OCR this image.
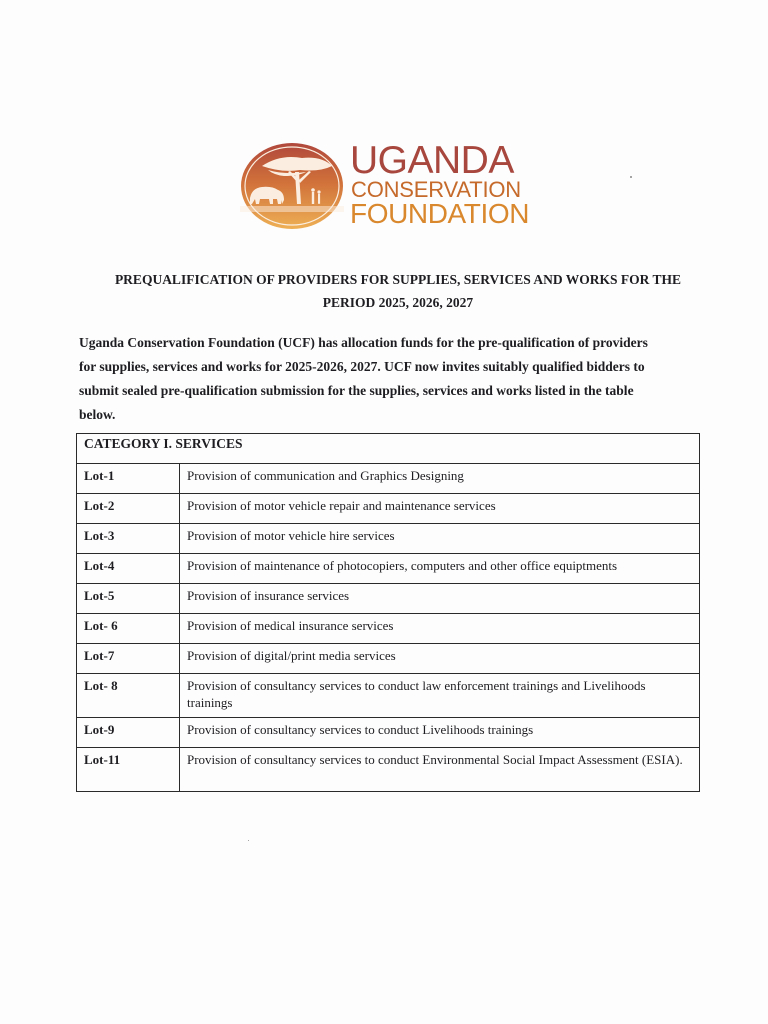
UGANDA
CONSERVATION
FOUNDATION
PREQUALIFICATION OF PROVIDERS FOR SUPPLIES, SERVICES AND WORKS FOR THE
PERIOD 2025, 2026, 2027

Uganda Conservation Foundation (UCF) has allocation funds for the pre-qualification of providers

for supplies, services and works for 2025-2026, 2027. UCF now invites suitably qualified bidders to

submit sealed pre-qualification submission for the supplies, services and works listed in the table

below.

CATEGORY I. SERVICES	
Lot-1	Provision of communication and Graphics Designing
Lot-2	Provision of motor vehicle repair and maintenance services
Lot-3	Provision of motor vehicle hire services
Lot-4	Provision of maintenance of photocopiers, computers and other office equiptments
Lot-5	Provision of insurance services
Lot- 6	Provision of medical insurance services
Lot-7	Provision of digital/print media services
Lot- 8	Provision of consultancy services to conduct law enforcement trainings and Livelihoods trainings
Lot-9	Provision of consultancy services to conduct Livelihoods trainings
Lot-11	Provision of consultancy services to conduct Environmental Social Impact Assessment (ESIA).
